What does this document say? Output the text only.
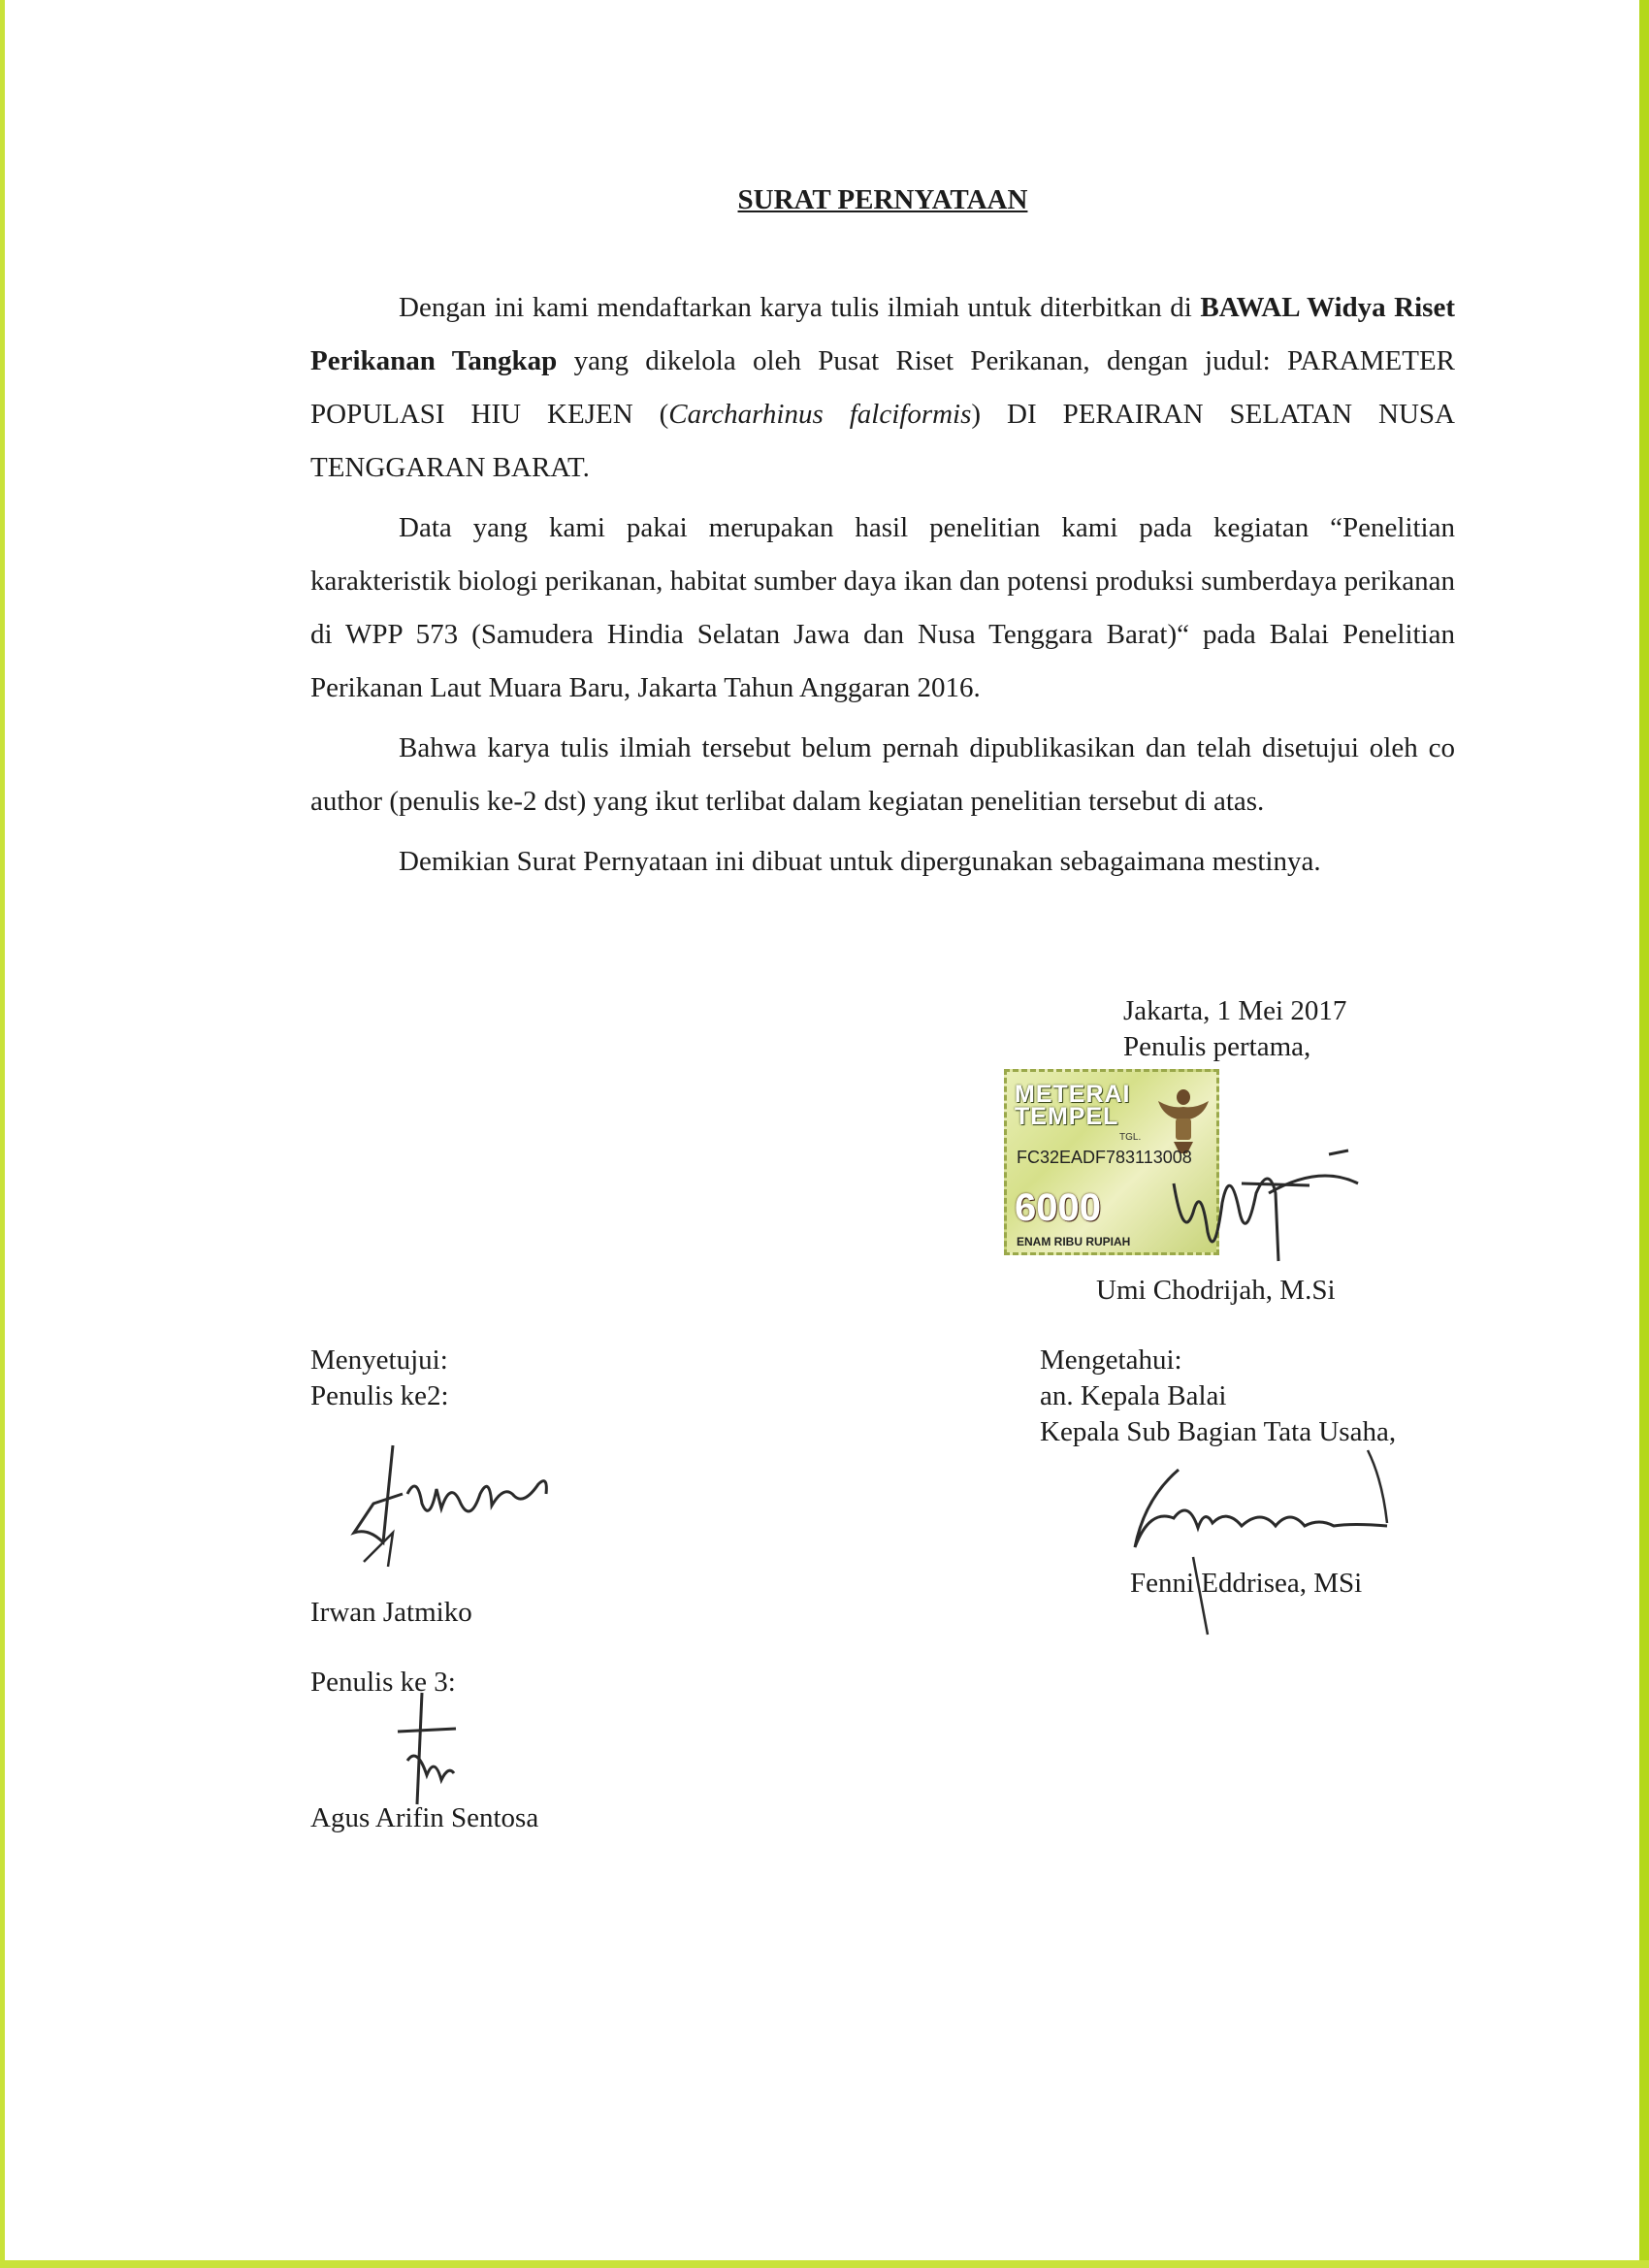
SURAT PERNYATAAN

Dengan ini kami mendaftarkan karya tulis ilmiah untuk diterbitkan di BAWAL Widya Riset Perikanan Tangkap yang dikelola oleh Pusat Riset Perikanan, dengan judul: PARAMETER POPULASI HIU KEJEN (Carcharhinus falciformis) DI PERAIRAN SELATAN NUSA TENGGARAN BARAT.

Data yang kami pakai merupakan hasil penelitian kami pada kegiatan “Penelitian karakteristik biologi perikanan, habitat sumber daya ikan dan potensi produksi sumberdaya perikanan di WPP 573 (Samudera Hindia Selatan Jawa dan Nusa Tenggara Barat)“ pada Balai Penelitian Perikanan Laut Muara Baru, Jakarta Tahun Anggaran 2016.

Bahwa karya tulis ilmiah tersebut belum pernah dipublikasikan dan telah disetujui oleh co author (penulis ke-2 dst) yang ikut terlibat dalam kegiatan penelitian tersebut di atas.

Demikian Surat Pernyataan ini dibuat untuk dipergunakan sebagaimana mestinya.

Jakarta, 1 Mei 2017
Penulis pertama,
METERAI
TEMPEL
TGL.
FC32EADF783113008
6000
ENAM RIBU RUPIAH
Umi Chodrijah, M.Si
Menyetujui:
Penulis ke2:
Irwan Jatmiko
Penulis ke 3:
Agus Arifin Sentosa
Mengetahui:
an. Kepala Balai
Kepala Sub Bagian Tata Usaha,
Fenni Eddrisea, MSi
